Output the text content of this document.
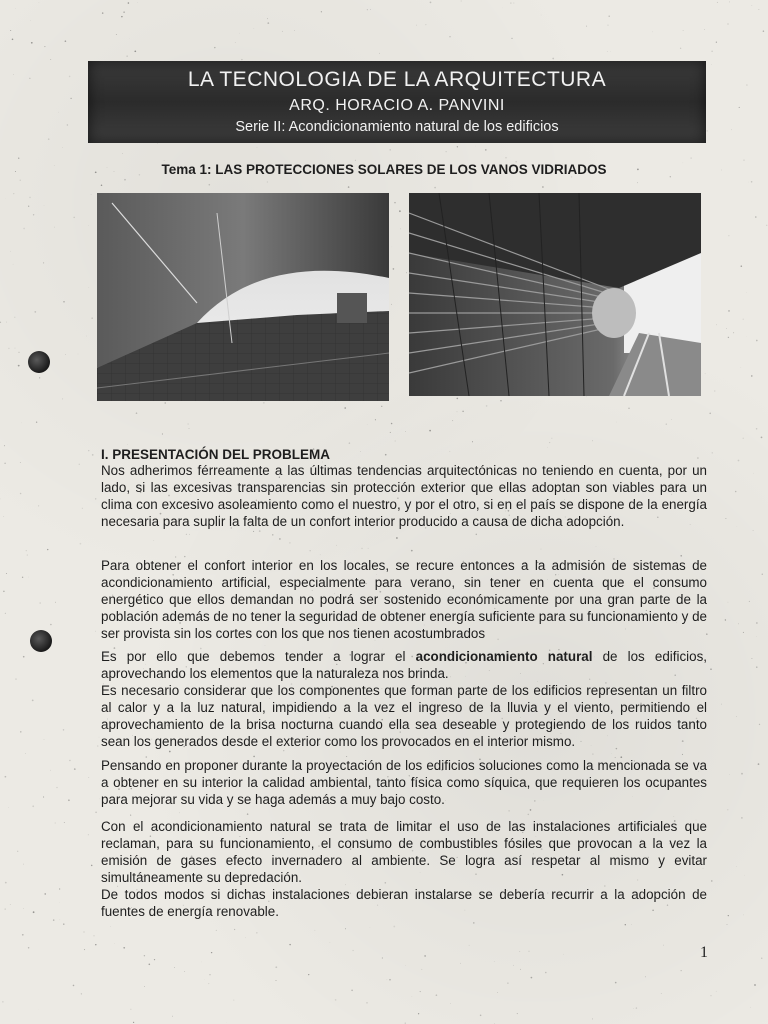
LA TECNOLOGIA DE LA ARQUITECTURA
ARQ. HORACIO A. PANVINI
Serie II: Acondicionamiento natural de los edificios
Tema 1: LAS PROTECCIONES SOLARES DE LOS VANOS VIDRIADOS
I. PRESENTACIÓN DEL PROBLEMA

Nos adherimos férreamente a las últimas tendencias arquitectónicas no teniendo en cuenta, por un lado, si las excesivas transparencias sin protección exterior que ellas adoptan son viables para un clima con excesivo asoleamiento como el nuestro, y por el otro, si en el país se dispone de la energía necesaria para suplir la falta de un confort interior producido a causa de dicha adopción.

Para obtener el confort interior en los locales, se recure entonces a la admisión de sistemas de acondicionamiento artificial, especialmente para verano, sin tener en cuenta que el consumo energético que ellos demandan no podrá ser sostenido económicamente por una gran parte de la población además de no tener la seguridad de obtener energía suficiente para su funcionamiento y de ser provista sin los cortes con los que nos tienen acostumbrados

Es por ello que debemos tender a lograr el acondicionamiento natural de los edificios, aprovechando los elementos que la naturaleza nos brinda.

Es necesario considerar que los componentes que forman parte de los edificios representan un filtro al calor y a la luz natural, impidiendo a la vez el ingreso de la lluvia y el viento, permitiendo el aprovechamiento de la brisa nocturna cuando ella sea deseable y protegiendo de los ruidos tanto sean los generados desde el exterior como los provocados en el interior mismo.

Pensando en proponer durante la proyectación de los edificios soluciones como la mencionada se va a obtener en su interior la calidad ambiental, tanto física como síquica, que requieren los ocupantes para mejorar su vida y se haga además a muy bajo costo.

Con el acondicionamiento natural se trata de limitar el uso de las instalaciones artificiales que reclaman, para su funcionamiento, el consumo de combustibles fósiles que provocan a la vez la emisión de gases efecto invernadero al ambiente. Se logra así respetar al mismo y evitar simultáneamente su depredación.

De todos modos si dichas instalaciones debieran instalarse se debería recurrir a la adopción de fuentes de energía renovable.

1
